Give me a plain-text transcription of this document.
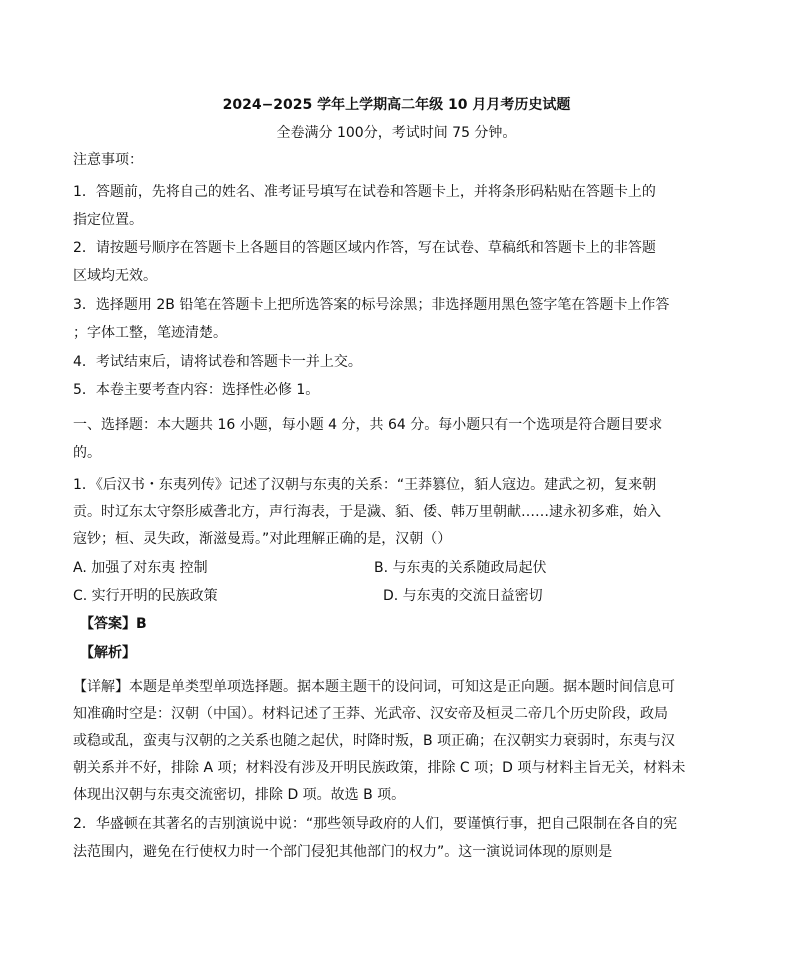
2024−2025 学年上学期高二年级 10 月月考历史试题
全卷满分 100分，考试时间 75 分钟。
注意事项：
1．答题前，先将自己的姓名、准考证号填写在试卷和答题卡上，并将条形码粘贴在答题卡上的
指定位置。
2．请按题号顺序在答题卡上各题目的答题区域内作答，写在试卷、草稿纸和答题卡上的非答题
区域均无效。
3．选择题用 2B 铅笔在答题卡上把所选答案的标号涂黑；非选择题用黑色签字笔在答题卡上作答
；字体工整，笔迹清楚。
4．考试结束后，请将试卷和答题卡一并上交。
5．本卷主要考查内容：选择性必修 1。
一、选择题：本大题共 16 小题，每小题 4 分，共 64 分。每小题只有一个选项是符合题目要求
的。
1．《后汉书・东夷列传》记述了汉朝与东夷的关系：“王莽篡位，貊人寇边。建武之初，复来朝
贡。时辽东太守祭肜威詟北方，声行海表，于是濊、貊、倭、韩万里朝献……逮永初多难，始入
寇钞；桓、灵失政，渐滋曼焉。”对此理解正确的是，汉朝（）
A. 加强了对东夷 控制	B. 与东夷的关系随政局起伏
C. 实行开明的民族政策	D. 与东夷的交流日益密切
【答案】B
【解析】
【详解】本题是单类型单项选择题。据本题主题干的设问词，可知这是正向题。据本题时间信息可
知准确时空是：汉朝（中国）。材料记述了王莽、光武帝、汉安帝及桓灵二帝几个历史阶段，政局
或稳或乱，蛮夷与汉朝的之关系也随之起伏，时降时叛，B 项正确；在汉朝实力衰弱时，东夷与汉
朝关系并不好，排除 A 项；材料没有涉及开明民族政策，排除 C 项；D 项与材料主旨无关，材料未
体现出汉朝与东夷交流密切，排除 D 项。故选 B 项。
2．华盛顿在其著名的吉别演说中说：“那些领导政府的人们，要谨慎行事，把自己限制在各自的宪
法范围内，避免在行使权力时一个部门侵犯其他部门的权力”。这一演说词体现的原则是
